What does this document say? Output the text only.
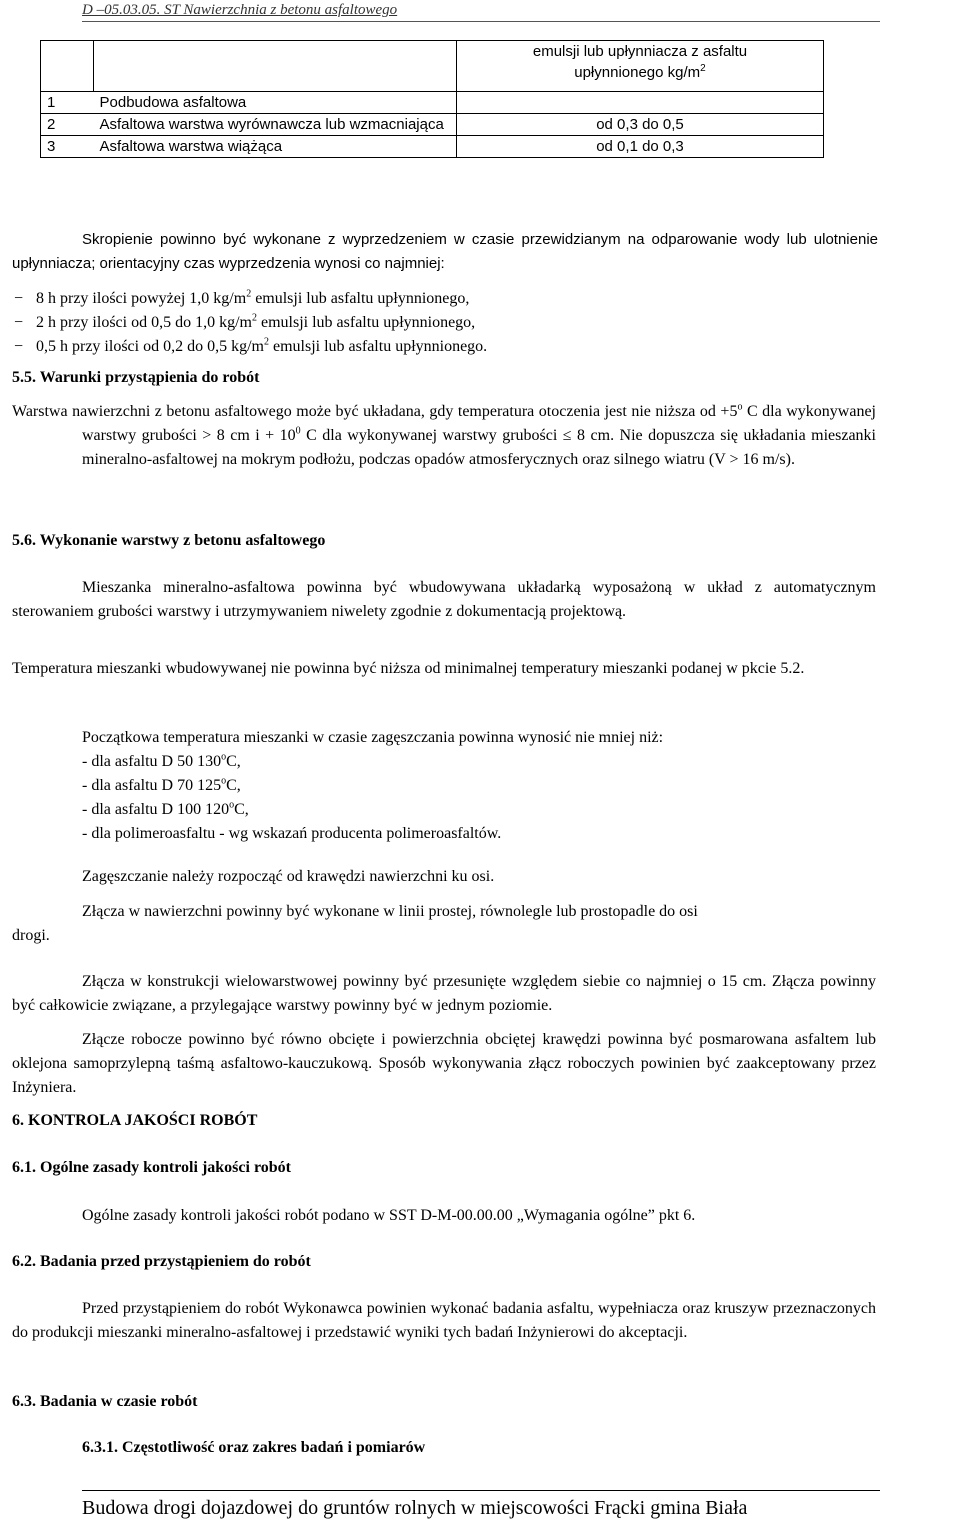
D –05.03.05. ST Nawierzchnia z betonu asfaltowego
		emulsji lub upłynniacza z asfaltu
upłynnionego $kg/m^2$
1	Podbudowa asfaltowa	
2	Asfaltowa warstwa wyrównawcza lub wzmacniająca	od 0,3 do 0,5
3	Asfaltowa warstwa wiążąca	od 0,1 do 0,3

Skropienie powinno być wykonane z wyprzedzeniem w czasie przewidzianym na odparowanie wody lub ulotnienie upłynniacza; orientacyjny czas wyprzedzenia wynosi co najmniej:

− 8 h przy ilości powyżej 1,0 $kg/m^2$ emulsji lub asfaltu upłynnionego,
− 2 h przy ilości od 0,5 do 1,0 $kg/m^2$ emulsji lub asfaltu upłynnionego,
− 0,5 h przy ilości od 0,2 do 0,5 $kg/m^2$ emulsji lub asfaltu upłynnionego.
5.5. Warunki przystąpienia do robót
Warstwa nawierzchni z betonu asfaltowego może być układana, gdy temperatura otoczenia jest nie niższa od $+5^o$ C dla wykonywanej warstwy grubości > 8 cm $i + 10^0$ C dla wykonywanej warstwy grubości ≤ 8 cm. Nie dopuszcza się układania mieszanki mineralno-asfaltowej na mokrym podłożu, podczas opadów atmosferycznych oraz silnego wiatru (V > 16 m/s).
5.6. Wykonanie warstwy z betonu asfaltowego

Mieszanka mineralno-asfaltowa powinna być wbudowywana układarką wyposażoną w układ z automatycznym sterowaniem grubości warstwy i utrzymywaniem niwelety zgodnie z dokumentacją projektową.

Temperatura mieszanki wbudowywanej nie powinna być niższa od minimalnej temperatury mieszanki podanej w pkcie 5.2.

Początkowa temperatura mieszanki w czasie zagęszczania powinna wynosić nie mniej niż:

- dla asfaltu D 50 130$^o$C,
- dla asfaltu D 70 125$^o$C,
- dla asfaltu D 100 120$^o$C,
- dla polimeroasfaltu - wg wskazań producenta polimeroasfaltów.

Zagęszczanie należy rozpocząć od krawędzi nawierzchni ku osi.

Złącza w nawierzchni powinny być wykonane w linii prostej, równolegle lub prostopadle do osi

drogi.

Złącza w konstrukcji wielowarstwowej powinny być przesunięte względem siebie co najmniej o 15 cm. Złącza powinny być całkowicie związane, a przylegające warstwy powinny być w jednym poziomie.

Złącze robocze powinno być równo obcięte i powierzchnia obciętej krawędzi powinna być posmarowana asfaltem lub oklejona samoprzylepną taśmą asfaltowo-kauczukową. Sposób wykonywania złącz roboczych powinien być zaakceptowany przez Inżyniera.

6. KONTROLA JAKOŚCI ROBÓT
6.1. Ogólne zasady kontroli jakości robót

Ogólne zasady kontroli jakości robót podano w SST D-M-00.00.00 „Wymagania ogólne” pkt 6.

6.2. Badania przed przystąpieniem do robót

Przed przystąpieniem do robót Wykonawca powinien wykonać badania asfaltu, wypełniacza oraz kruszyw przeznaczonych do produkcji mieszanki mineralno-asfaltowej i przedstawić wyniki tych badań Inżynierowi do akceptacji.

6.3. Badania w czasie robót
6.3.1. Częstotliwość oraz zakres badań i pomiarów
Budowa drogi dojazdowej do gruntów rolnych w miejscowości Frącki gmina Biała
